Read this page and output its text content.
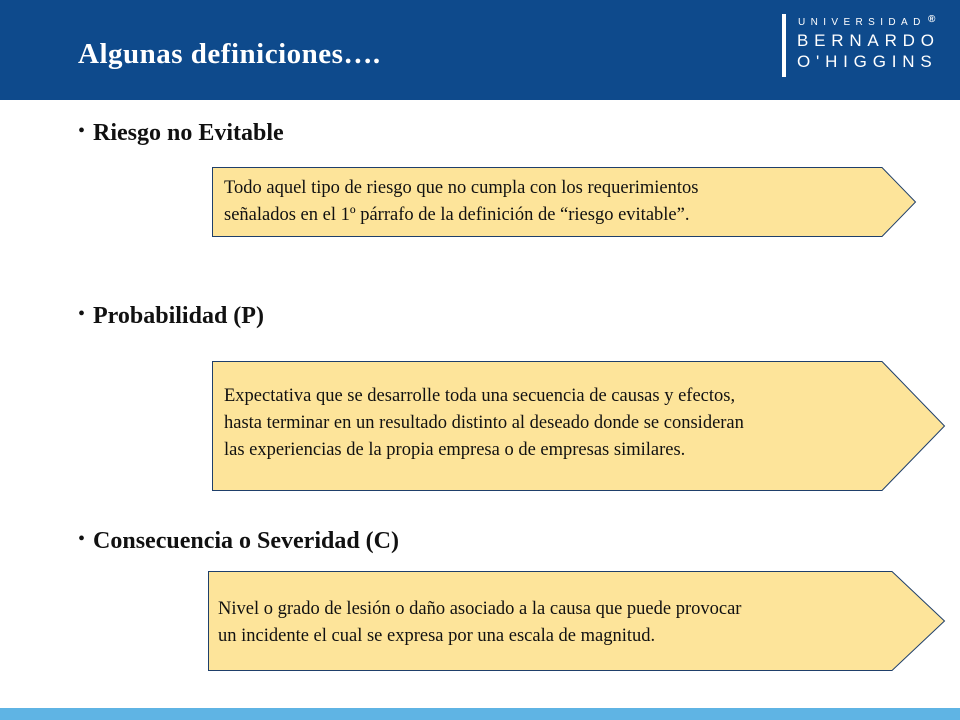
Algunas definiciones….
UNIVERSIDAD
BERNARDO
O'HIGGINS
®
• Riesgo no Evitable
Todo aquel tipo de riesgo que no cumpla con los requerimientos
señalados en el 1º párrafo de la definición de “riesgo evitable”.
• Probabilidad (P)
Expectativa que se desarrolle toda una secuencia de causas y efectos,
hasta terminar en un resultado distinto al deseado donde se consideran
las experiencias de la propia empresa o de empresas similares.
• Consecuencia o Severidad (C)
Nivel o grado de lesión o daño asociado a la causa que puede provocar
un incidente el cual se expresa por una escala de magnitud.
